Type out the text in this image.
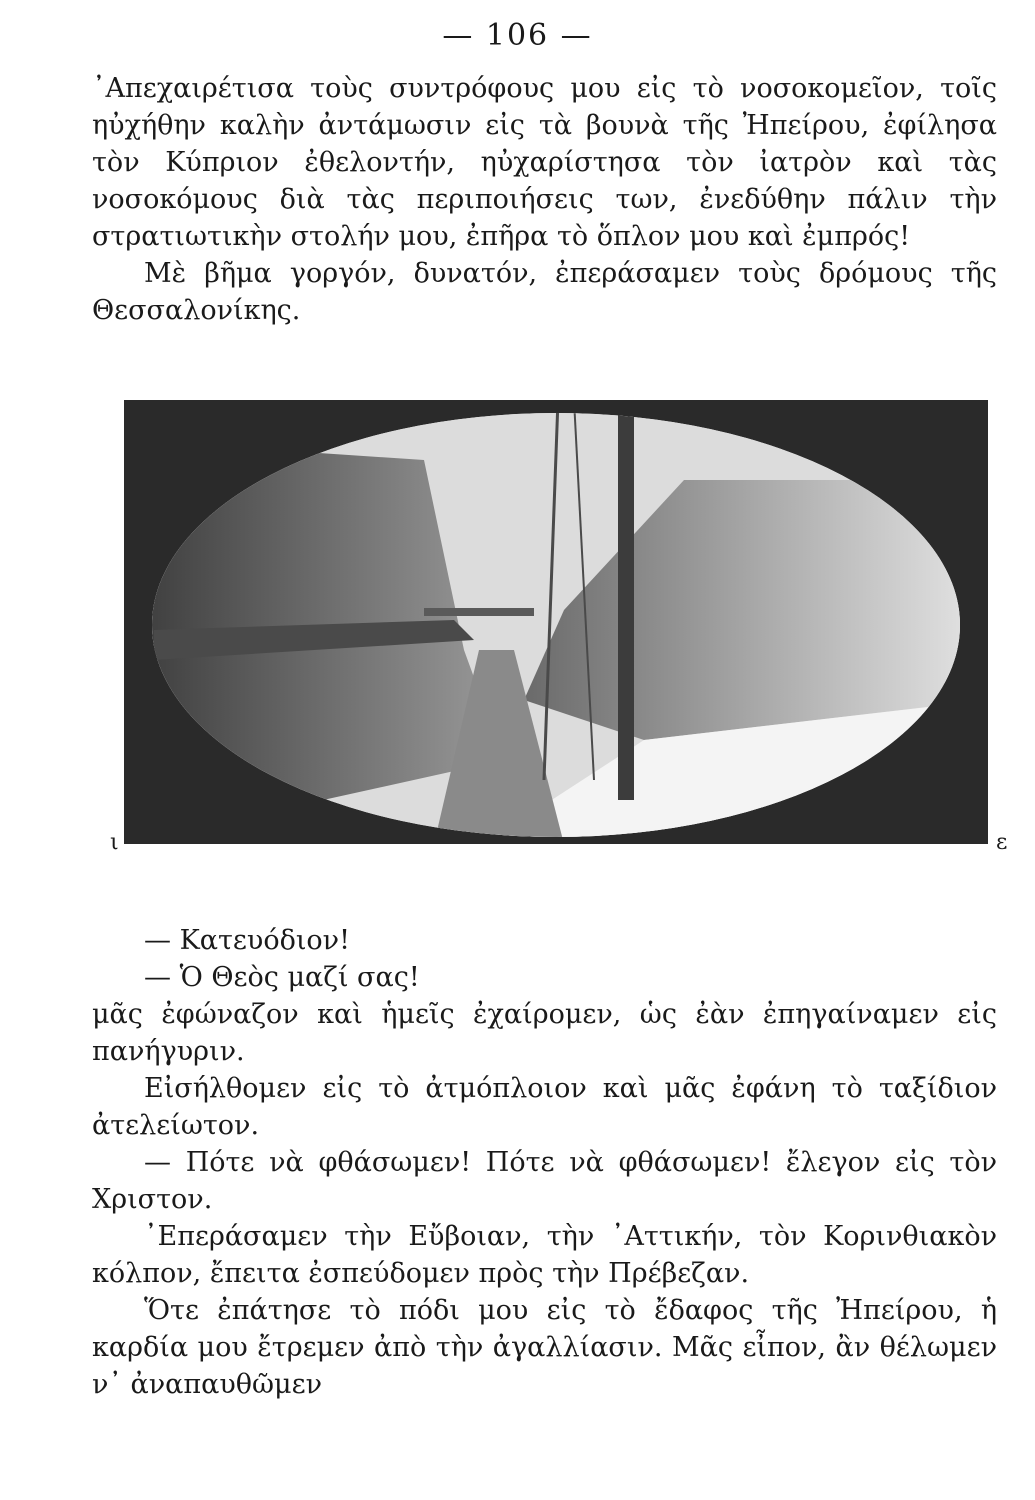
— 106 —

᾿Απεχαιρέτισα τοὺς συντρόφους μου εἰς τὸ νοσοκομεῖον, τοῖς ηὐχήθην καλὴν ἀντάμωσιν εἰς τὰ βουνὰ τῆς Ἠπείρου, ἐφίλησα τὸν Κύπριον ἐθελοντήν, ηὐχαρίστησα τὸν ἰατρὸν καὶ τὰς νοσοκόμους διὰ τὰς περιποιήσεις των, ἐνεδύθην πάλιν τὴν στρατιωτικὴν στολήν μου, ἐπῆρα τὸ ὅπλον μου καὶ ἐμπρός!

Μὲ βῆμα γοργόν, δυνατόν, ἐπεράσαμεν τοὺς δρόμους τῆς Θεσσαλονίκης.

ι	ε

— Κατευόδιον!

— Ὁ Θεὸς μαζί σας!

μᾶς ἐφώναζον καὶ ἡμεῖς ἐχαίρομεν, ὡς ἐὰν ἐπηγαίναμεν εἰς πανήγυριν.

Εἰσήλθομεν εἰς τὸ ἀτμόπλοιον καὶ μᾶς ἐφάνη τὸ ταξίδιον ἀτελείωτον.

— Πότε νὰ φθάσωμεν! Πότε νὰ φθάσωμεν! ἔλεγον εἰς τὸν Χριστον.

᾿Επεράσαμεν τὴν Εὔβοιαν, τὴν ᾿Αττικήν, τὸν Κορινθιακὸν κόλπον, ἔπειτα ἐσπεύδομεν πρὸς τὴν Πρέβεζαν.

Ὅτε ἐπάτησε τὸ πόδι μου εἰς τὸ ἔδαφος τῆς Ἠπείρου, ἡ καρδία μου ἔτρεμεν ἀπὸ τὴν ἀγαλλίασιν. Μᾶς εἶπον, ἂν θέλωμεν ν᾿ ἀναπαυθῶμεν
